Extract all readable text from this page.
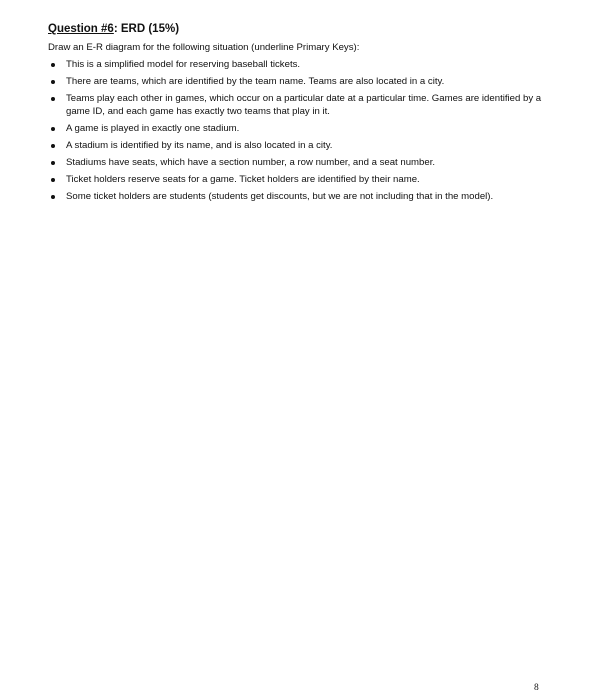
Question #6: ERD (15%)
Draw an E-R diagram for the following situation (underline Primary Keys):
This is a simplified model for reserving baseball tickets.
There are teams, which are identified by the team name. Teams are also located in a city.
Teams play each other in games, which occur on a particular date at a particular time. Games are identified by a game ID, and each game has exactly two teams that play in it.
A game is played in exactly one stadium.
A stadium is identified by its name, and is also located in a city.
Stadiums have seats, which have a section number, a row number, and a seat number.
Ticket holders reserve seats for a game. Ticket holders are identified by their name.
Some ticket holders are students (students get discounts, but we are not including that in the model).
8
